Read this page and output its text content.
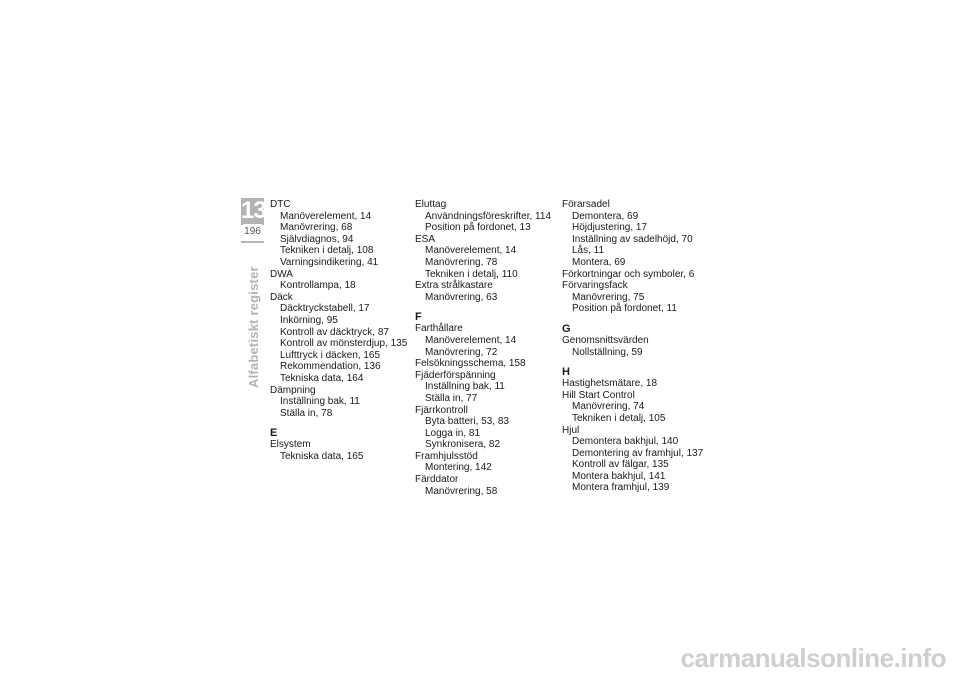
13
196
Alfabetiskt register
DTC
Manöverelement, 14
Manövrering, 68
Självdiagnos, 94
Tekniken i detalj, 108
Varningsindikering, 41
DWA
Kontrollampa, 18
Däck
Däcktryckstabell, 17
Inkörning, 95
Kontroll av däcktryck, 87
Kontroll av mönsterdjup, 135
Lufttryck i däcken, 165
Rekommendation, 136
Tekniska data, 164
Dämpning
Inställning bak, 11
Ställa in, 78
E
Elsystem
Tekniska data, 165
Eluttag
Användningsföreskrifter, 114
Position på fordonet, 13
ESA
Manöverelement, 14
Manövrering, 78
Tekniken i detalj, 110
Extra strålkastare
Manövrering, 63
F
Farthållare
Manöverelement, 14
Manövrering, 72
Felsökningsschema, 158
Fjäderförspänning
Inställning bak, 11
Ställa in, 77
Fjärrkontroll
Byta batteri, 53, 83
Logga in, 81
Synkronisera, 82
Framhjulsstöd
Montering, 142
Färddator
Manövrering, 58
Förarsadel
Demontera, 69
Höjdjustering, 17
Inställning av sadelhöjd, 70
Lås, 11
Montera, 69
Förkortningar och symboler, 6
Förvaringsfack
Manövrering, 75
Position på fordonet, 11
G
Genomsnittsvärden
Nollställning, 59
H
Hastighetsmätare, 18
Hill Start Control
Manövrering, 74
Tekniken i detalj, 105
Hjul
Demontera bakhjul, 140
Demontering av framhjul, 137
Kontroll av fälgar, 135
Montera bakhjul, 141
Montera framhjul, 139
carmanualsonline.info
